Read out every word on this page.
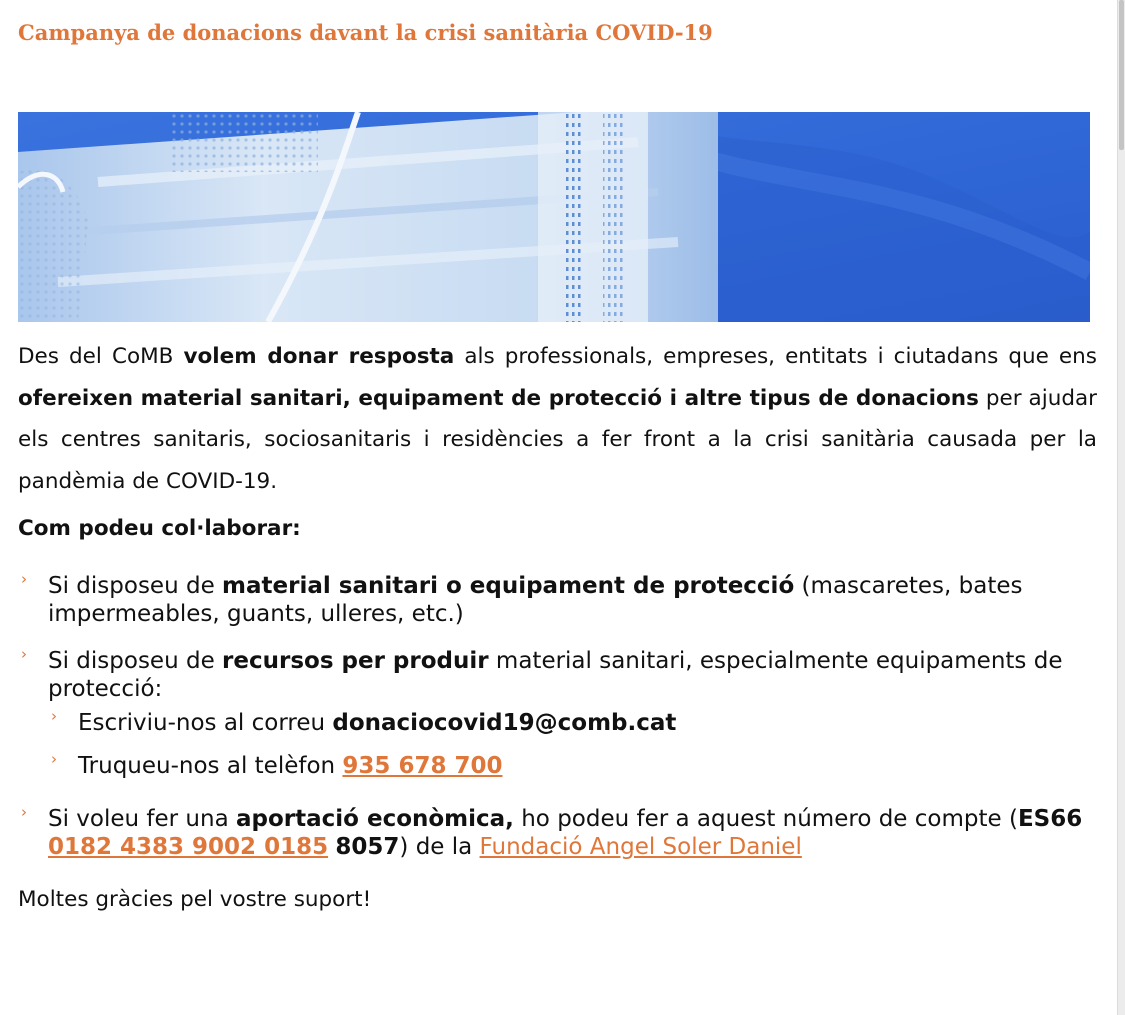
Campanya de donacions davant la crisi sanitària COVID-19

Des del CoMB volem donar resposta als professionals, empreses, entitats i ciutadans que ens ofereixen material sanitari, equipament de protecció i altre tipus de donacions per ajudar els centres sanitaris, sociosanitaris i residències a fer front a la crisi sanitària causada per la pandèmia de COVID-19.

Com podeu col·laborar:

› Si disposeu de material sanitari o equipament de protecció (mascaretes, bates impermeables, guants, ulleres, etc.)
› Si disposeu de recursos per produir material sanitari, especialmente equipaments de protecció:
› Escriviu-nos al correu donaciocovid19@comb.cat
› Truqueu-nos al telèfon 935 678 700
› Si voleu fer una aportació econòmica, ho podeu fer a aquest número de compte (ES66 0182 4383 9002 0185 8057) de la Fundació Angel Soler Daniel

Moltes gràcies pel vostre suport!
